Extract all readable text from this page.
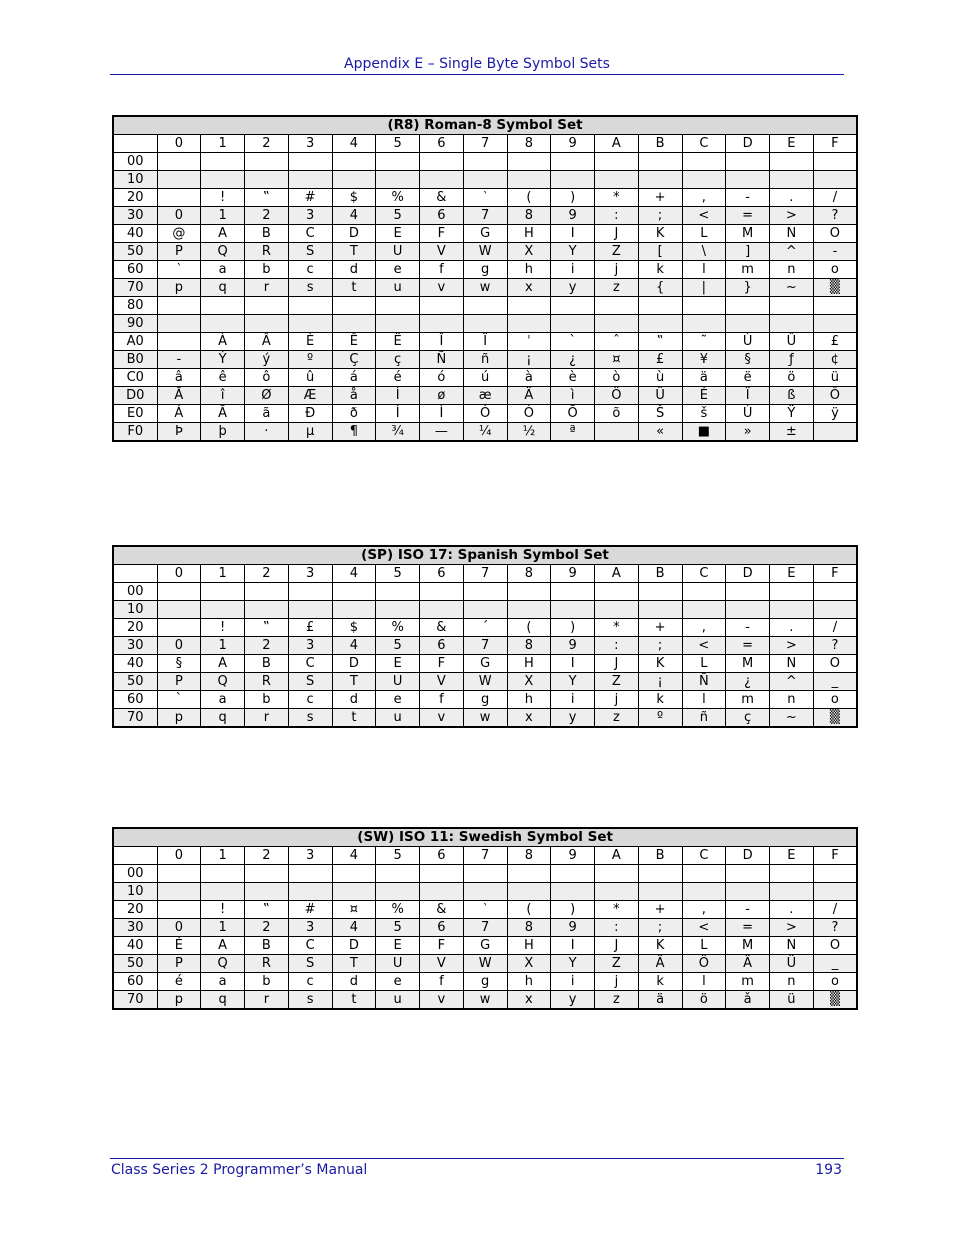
Appendix E – Single Byte Symbol Sets
(R8) Roman-8 Symbol Set																
	0	1	2	3	4	5	6	7	8	9	A	B	C	D	E	F
00																
10																
20		!	‟	#	$	%	&	‵	(	)	*	+	,	-	.	/
30	0	1	2	3	4	5	6	7	8	9	:	;	<	=	>	?
40	@	A	B	C	D	E	F	G	H	I	J	K	L	M	N	O
50	P	Q	R	S	T	U	V	W	X	Y	Z	[	\	]	^	-
60	‵	a	b	c	d	e	f	g	h	i	j	k	l	m	n	o
70	p	q	r	s	t	u	v	w	x	y	z	{	|	}	~	▒
80																
90																
A0		À	Â	È	Ê	Ë	Î	Ï	ˈ	ˋ	ˆ	‟	˜	Ù	Û	£
B0	-	Ý	ý	º	Ç	ç	Ñ	ñ	¡	¿	¤	£	¥	§	ƒ	¢
C0	â	ê	ô	û	á	é	ó	ú	à	è	ò	ù	ä	ë	ö	ü
D0	Ă	î	Ø	Æ	å	Ì	ø	æ	Ä	ì	Ö	Ü	É	Ï	ß	Ô
E0	Á	Ã	ã	Đ	ð	Í	Ì	Ó	Ò	Õ	õ	Š	š	Ú	Ÿ	ÿ
F0	Þ	þ	·	µ	¶	¾	—	¼	½	ª		«	■	»	±	
(SP) ISO 17: Spanish Symbol Set																
	0	1	2	3	4	5	6	7	8	9	A	B	C	D	E	F
00																
10																
20		!	‟	£	$	%	&	´	(	)	*	+	,	-	.	/
30	0	1	2	3	4	5	6	7	8	9	:	;	<	=	>	?
40	§	A	B	C	D	E	F	G	H	I	J	K	L	M	N	O
50	P	Q	R	S	T	U	V	W	X	Y	Z	¡	Ñ	¿	^	_
60	`	a	b	c	d	e	f	g	h	i	j	k	l	m	n	o
70	p	q	r	s	t	u	v	w	x	y	z	º	ñ	ç	~	▒
(SW) ISO 11: Swedish Symbol Set																
	0	1	2	3	4	5	6	7	8	9	A	B	C	D	E	F
00																
10																
20		!	‟	#	¤	%	&	‵	(	)	*	+	,	-	.	/
30	0	1	2	3	4	5	6	7	8	9	:	;	<	=	>	?
40	É	A	B	C	D	E	F	G	H	I	J	K	L	M	N	O
50	P	Q	R	S	T	U	V	W	X	Y	Z	Ä	Ö	Ä	Ü	_
60	é	a	b	c	d	e	f	g	h	i	j	k	l	m	n	o
70	p	q	r	s	t	u	v	w	x	y	z	ä	ö	ǎ	ü	▒
Class Series 2 Programmer’s Manual	193
